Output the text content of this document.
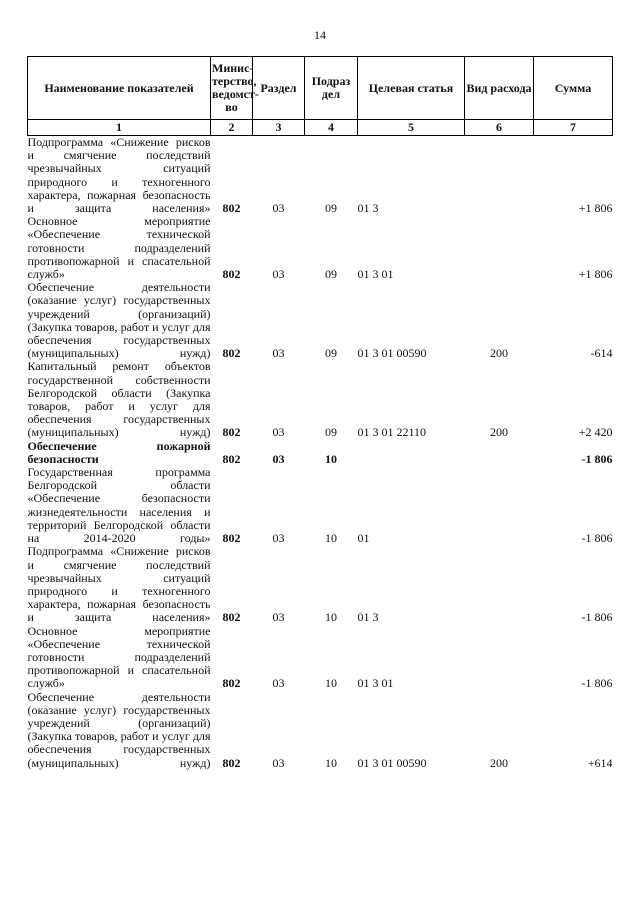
14
Наименование показателей	Минис-терство, ведомст-во	Раздел	Подраз дел	Целевая статья	Вид расхода	Сумма
1	2	3	4	5	6	7
Подпрограмма «Снижение рисков и смягчение последствий чрезвычайных ситуаций природного и техногенного характера, пожарная безопасность и защита населения»	802	03	09	01 3		+1 806
Основное мероприятие «Обеспечение технической готовности подразделений противопожарной и спасательной служб»	802	03	09	01 3 01		+1 806
Обеспечение деятельности (оказание услуг) государственных учреждений (организаций) (Закупка товаров, работ и услуг для обеспечения государственных (муниципальных) нужд)	802	03	09	01 3 01 00590	200	-614
Капитальный ремонт объектов государственной собственности Белгородской области (Закупка товаров, работ и услуг для обеспечения государственных (муниципальных) нужд)	802	03	09	01 3 01 22110	200	+2 420
Обеспечение пожарной безопасности	802	03	10			-1 806
Государственная программа Белгородской области «Обеспечение безопасности жизнедеятельности населения и территорий Белгородской области на 2014-2020 годы»	802	03	10	01		-1 806
Подпрограмма «Снижение рисков и смягчение последствий чрезвычайных ситуаций природного и техногенного характера, пожарная безопасность и защита населения»	802	03	10	01 3		-1 806
Основное мероприятие «Обеспечение технической готовности подразделений противопожарной и спасательной служб»	802	03	10	01 3 01		-1 806
Обеспечение деятельности (оказание услуг) государственных учреждений (организаций) (Закупка товаров, работ и услуг для обеспечения государственных (муниципальных) нужд)	802	03	10	01 3 01 00590	200	+614
